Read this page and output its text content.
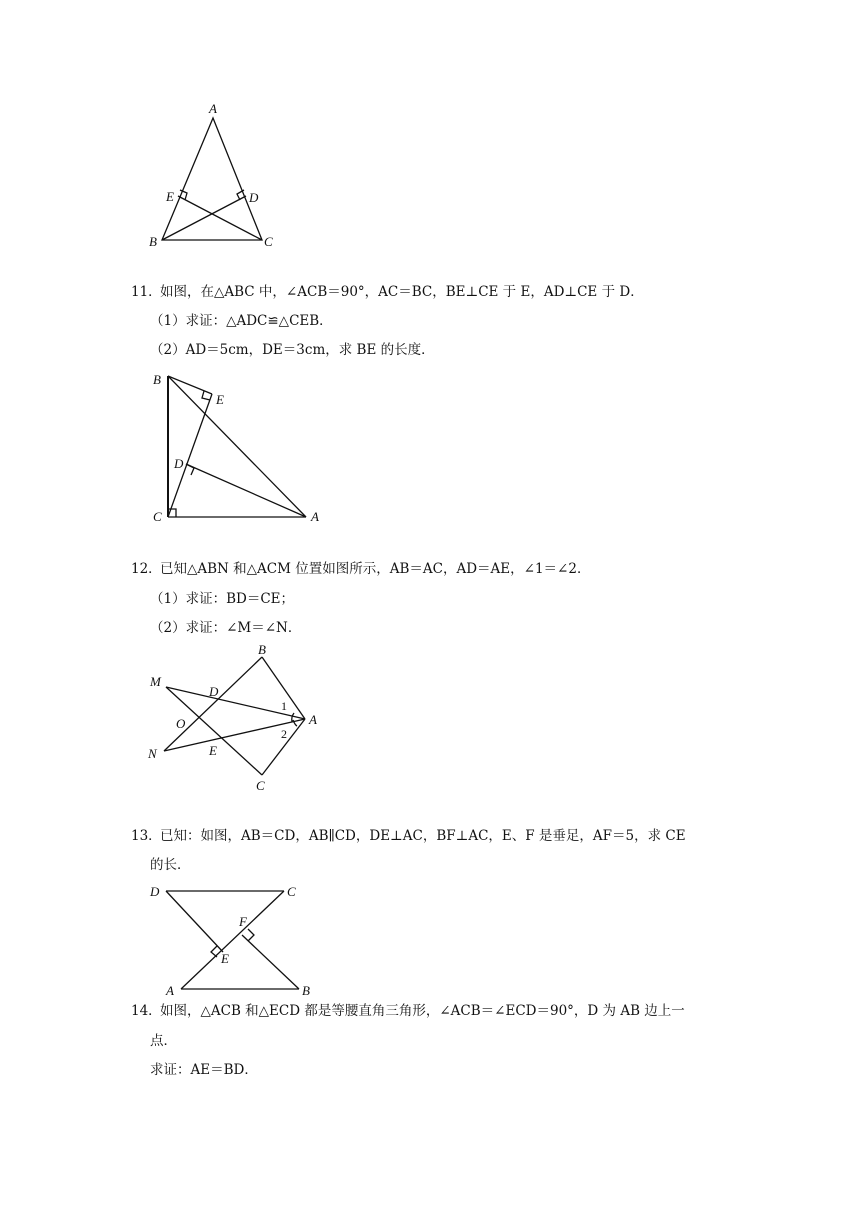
A
B	C
D
E
11．
如图，在△ABC 中，∠ACB＝90°，AC＝BC，BE⊥CE 于 E，AD⊥CE 于 D．
（1）求证：△ADC≌△CEB．
（2）AD＝5cm，DE＝3cm，求 BE 的长度．
B
E
D
C	A
12．
已知△ABN 和△ACM 位置如图所示，AB＝AC，AD＝AE，∠1＝∠2．
（1）求证：BD＝CE；
（2）求证：∠M＝∠N．
B
M
D
1
A
O
2
N	E
C
13．
已知：如图，AB＝CD，AB∥CD，DE⊥AC，BF⊥AC，E、F 是垂足，AF＝5，求 CE
的长．
D	C
F
E
A	B
14．
如图，△ACB 和△ECD 都是等腰直角三角形，∠ACB＝∠ECD＝90°，D 为 AB 边上一
点．
求证：AE＝BD．
